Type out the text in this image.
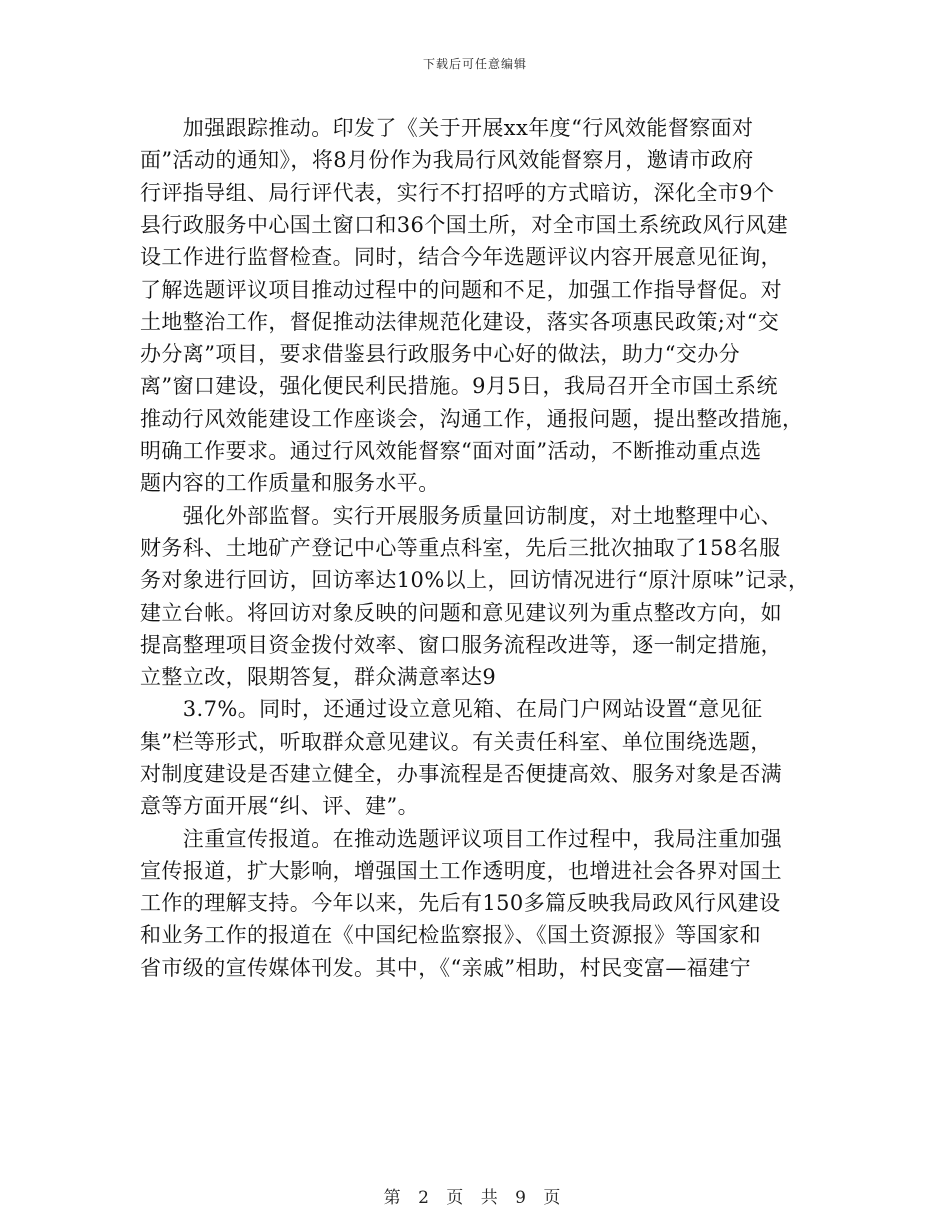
下载后可任意编辑
　　加强跟踪推动。印发了《关于开展xx年度“行风效能督察面对
面”活动的通知》，将8月份作为我局行风效能督察月，邀请市政府
行评指导组、局行评代表，实行不打招呼的方式暗访，深化全市9个
县行政服务中心国土窗口和36个国土所，对全市国土系统政风行风建
设工作进行监督检查。同时，结合今年选题评议内容开展意见征询，
了解选题评议项目推动过程中的问题和不足，加强工作指导督促。对
土地整治工作，督促推动法律规范化建设，落实各项惠民政策;对“交
办分离”项目，要求借鉴县行政服务中心好的做法，助力“交办分
离”窗口建设，强化便民利民措施。9月5日，我局召开全市国土系统
推动行风效能建设工作座谈会，沟通工作，通报问题，提出整改措施，
明确工作要求。通过行风效能督察“面对面”活动，不断推动重点选
题内容的工作质量和服务水平。
　　强化外部监督。实行开展服务质量回访制度，对土地整理中心、
财务科、土地矿产登记中心等重点科室，先后三批次抽取了158名服
务对象进行回访，回访率达10%以上，回访情况进行“原汁原味”记录，
建立台帐。将回访对象反映的问题和意见建议列为重点整改方向，如
提高整理项目资金拨付效率、窗口服务流程改进等，逐一制定措施，
立整立改，限期答复，群众满意率达9
　　3.7%。同时，还通过设立意见箱、在局门户网站设置“意见征
集”栏等形式，听取群众意见建议。有关责任科室、单位围绕选题，
对制度建设是否建立健全，办事流程是否便捷高效、服务对象是否满
意等方面开展“纠、评、建”。
　　注重宣传报道。在推动选题评议项目工作过程中，我局注重加强
宣传报道，扩大影响，增强国土工作透明度，也增进社会各界对国土
工作的理解支持。今年以来，先后有150多篇反映我局政风行风建设
和业务工作的报道在《中国纪检监察报》、《国土资源报》等国家和
省市级的宣传媒体刊发。其中，《“亲戚”相助，村民变富—福建宁
第 2 页 共 9 页
